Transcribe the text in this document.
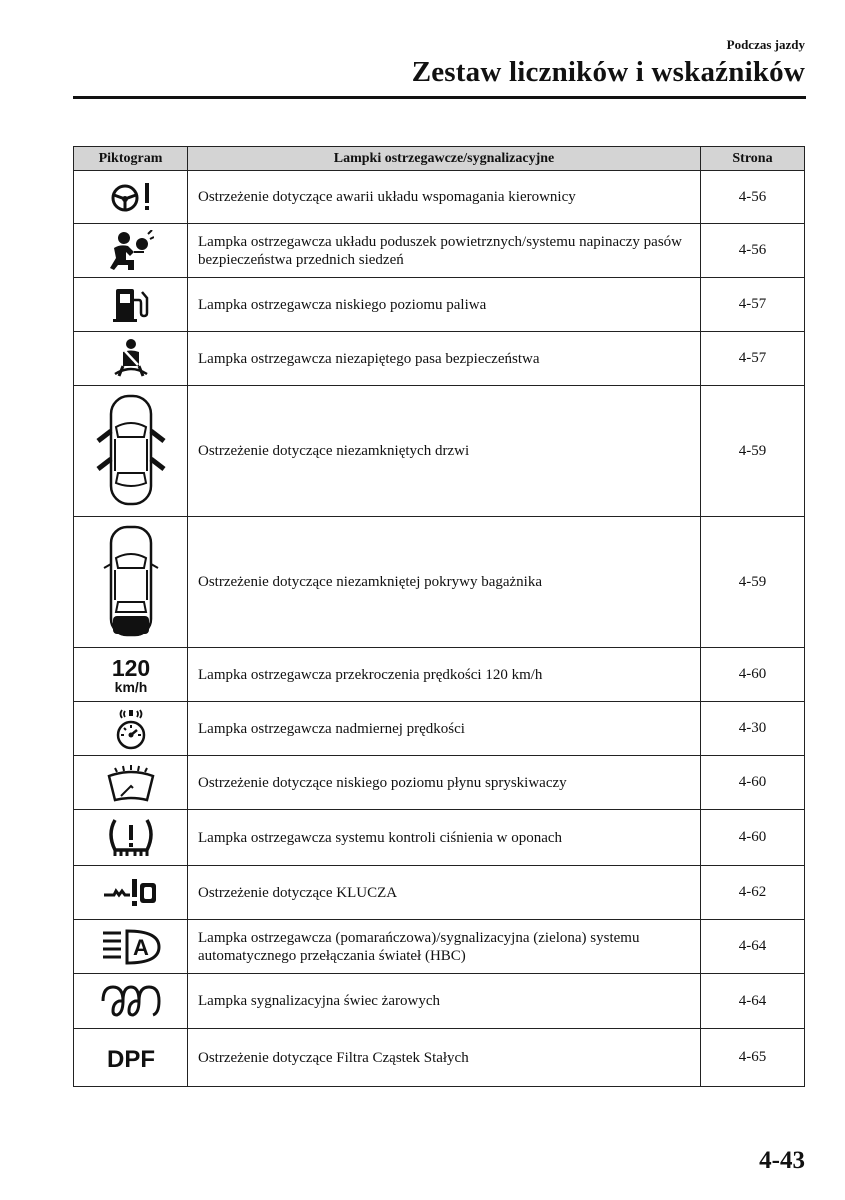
Podczas jazdy
Zestaw liczników i wskaźników
Piktogram	Lampki ostrzegawcze/sygnalizacyjne	Strona

	Ostrzeżenie dotyczące awarii układu wspomagania kierownicy	4-56

	Lampka ostrzegawcza układu poduszek powietrznych/systemu napinaczy pasów bezpieczeństwa przednich siedzeń	4-56

	Lampka ostrzegawcza niskiego poziomu paliwa	4-57

	Lampka ostrzegawcza niezapiętego pasa bezpieczeństwa	4-57

	Ostrzeżenie dotyczące niezamkniętych drzwi	4-59

	Ostrzeżenie dotyczące niezamkniętej pokrywy bagażnika	4-59

120
km/h	Lampka ostrzegawcza przekroczenia prędkości 120 km/h	4-60

	Lampka ostrzegawcza nadmiernej prędkości	4-30

	Ostrzeżenie dotyczące niskiego poziomu płynu spryskiwaczy	4-60

	Lampka ostrzegawcza systemu kontroli ciśnienia w oponach	4-60

	Ostrzeżenie dotyczące KLUCZA	4-62

A	Lampka ostrzegawcza (pomarańczowa)/sygnalizacyjna (zielona) systemu automatycznego przełączania świateł (HBC)	4-64

	Lampka sygnalizacyjna świec żarowych	4-64

DPF	Ostrzeżenie dotyczące Filtra Cząstek Stałych	4-65
4-43
